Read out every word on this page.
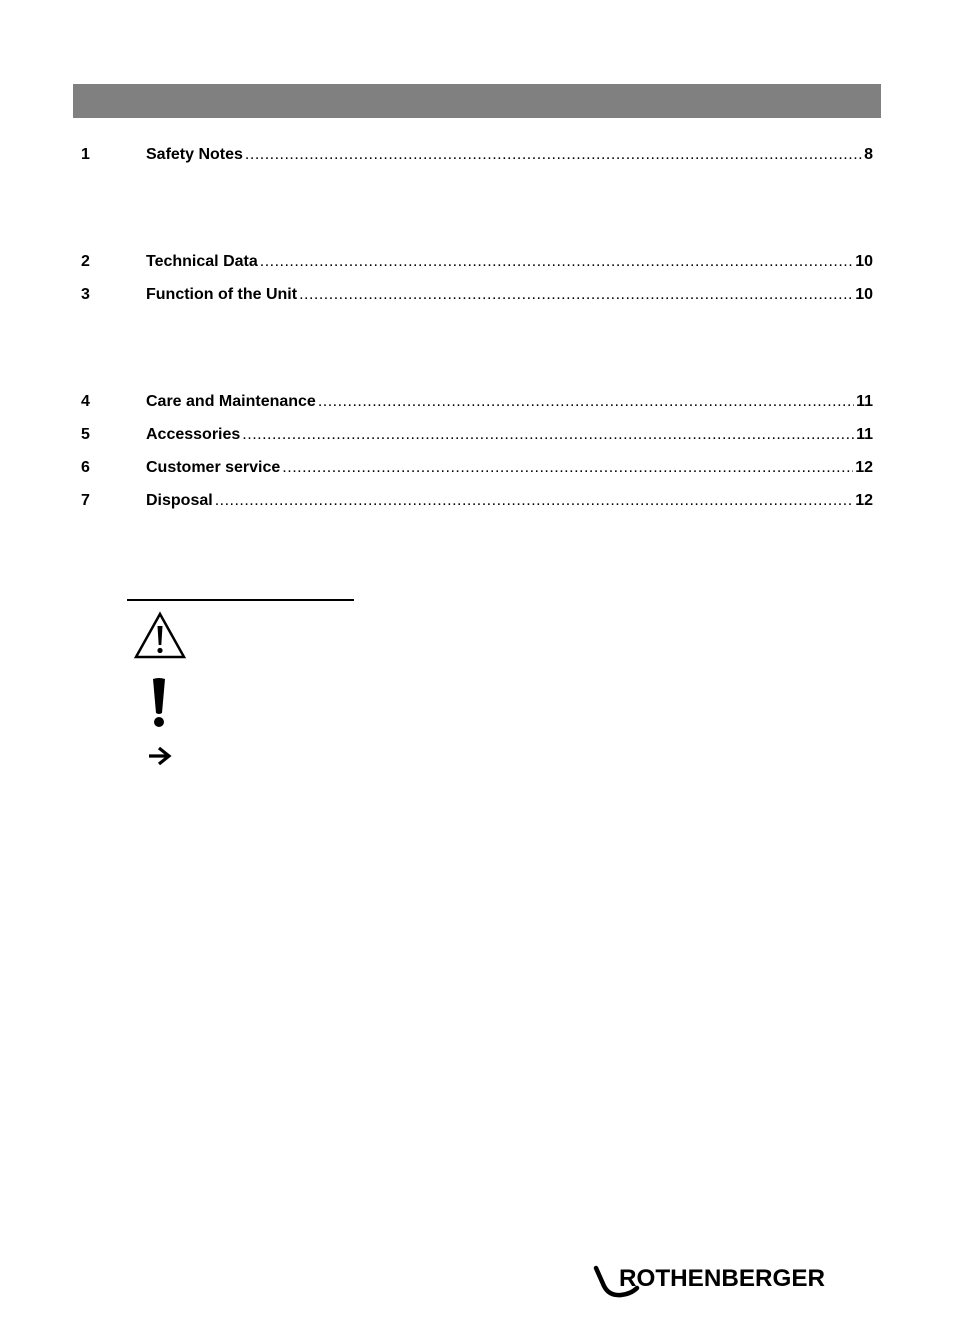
1	Safety Notes .....	8
2	Technical Data .....	10
3	Function of the Unit .....	10
4	Care and Maintenance .....	11
5	Accessories .....	11
6	Customer service .....	12
7	Disposal .....	12
ROTHENBERGER
